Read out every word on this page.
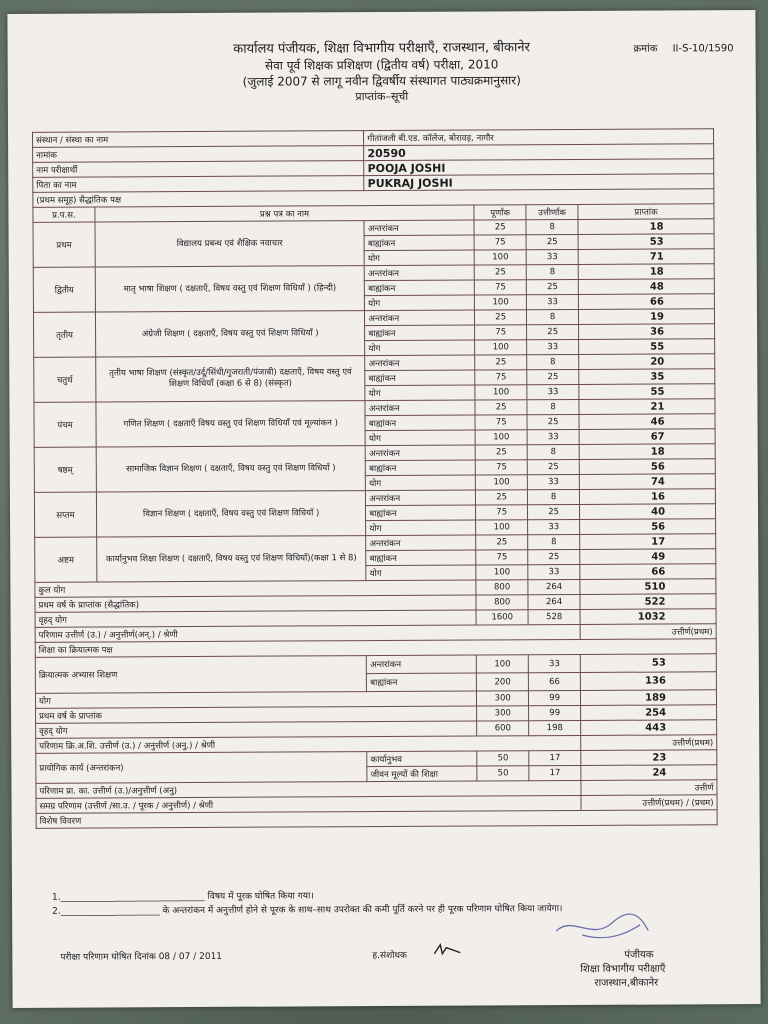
कार्यालय पंजीयक, शिक्षा विभागीय परीक्षाएँ, राजस्थान, बीकानेर
सेवा पूर्व शिक्षक प्रशिक्षण (द्वितीय वर्ष) परीक्षा, 2010
(जुलाई 2007 से लागू नवीन द्विवर्षीय संस्थागत पाठ्यक्रमानुसार)
प्राप्तांक–सूची
क्रमांक II-S-10/1590
संस्थान / संस्था का नाम		गीतांजली बी.एड. कॉलेज, बोरावड़, नागौर			
नामांक		20590			
नाम परीक्षार्थी		POOJA JOSHI			
पिता का नाम		PUKRAJ JOSHI			
(प्रथम समूह) सैद्धांतिक पक्ष					
प्र.प.स.	प्रश्न पत्र का नाम		पूर्णांक	उत्तीर्णांक	प्राप्तांक
प्रथम	विद्यालय प्रबन्ध एवं शैक्षिक नवाचार	अन्तरांकन	25	8	18
		बाह्यांकन	75	25	53
		योग	100	33	71
द्वितीय	मातृ भाषा शिक्षण ( दक्षताएँ, विषय वस्तु एवं शिक्षण विधियाँ ) (हिन्दी)	अन्तरांकन	25	8	18
		बाह्यांकन	75	25	48
		योग	100	33	66
तृतीय	अंग्रेजी शिक्षण ( दक्षताएँ, विषय वस्तु एवं शिक्षण विधियाँ )	अन्तरांकन	25	8	19
		बाह्यांकन	75	25	36
		योग	100	33	55
चतुर्थ	तृतीय भाषा शिक्षण (संस्कृत/उर्दू/सिंधी/गुजराती/पंजाबी) दक्षताएँ, विषय वस्तु एवं शिक्षण विधियाँ (कक्षा 6 से 8) (संस्कृत)	अन्तरांकन	25	8	20
		बाह्यांकन	75	25	35
		योग	100	33	55
पंचम	गणित शिक्षण ( दक्षताएँ विषय वस्तु एवं शिक्षण विधियाँ एवं मूल्यांकन )	अन्तरांकन	25	8	21
		बाह्यांकन	75	25	46
		योग	100	33	67
षष्ठम्	सामाजिक विज्ञान शिक्षण ( दक्षताएँ, विषय वस्तु एवं शिक्षण विधियाँ )	अन्तरांकन	25	8	18
		बाह्यांकन	75	25	56
		योग	100	33	74
सप्तम	विज्ञान शिक्षण ( दक्षताएँ, विषय वस्तु एवं शिक्षण विधियाँ )	अन्तरांकन	25	8	16
		बाह्यांकन	75	25	40
		योग	100	33	56
अष्टम	कार्यानुभव शिक्षा शिक्षण ( दक्षताएँ, विषय वस्तु एवं शिक्षण विधियाँ)(कक्षा 1 से 8)	अन्तरांकन	25	8	17
		बाह्यांकन	75	25	49
		योग	100	33	66
कुल योग			800	264	510
प्रथम वर्ष के प्राप्तांक (सैद्धांतिक)			800	264	522
वृहद् योग			1600	528	1032
परिणाम उत्तीर्ण (उ.) / अनुत्तीर्ण(अन्.) / श्रेणी					उत्तीर्ण(प्रथम)
शिक्षा का क्रियात्मक पक्ष					
क्रियात्मक अभ्यास शिक्षण		अन्तरांकन	100	33	53
		बाह्यांकन	200	66	136
योग			300	99	189
प्रथम वर्ष के प्राप्तांक			300	99	254
वृहद् योग			600	198	443
परिणाम क्रि.अ.शि. उत्तीर्ण (उ.) / अनुत्तीर्ण (अनु.) / श्रेणी					उत्तीर्ण(प्रथम)
प्रायोगिक कार्य (अन्तरांकन)		कार्यानुभव	50	17	23
		जीवन मूल्यों की शिक्षा	50	17	24
परिणाम प्रा. का. उत्तीर्ण (उ.)/अनुत्तीर्ण (अनु)					उत्तीर्ण
समग्र परिणाम (उत्तीर्ण /सा.उ. / पूरक / अनुत्तीर्ण) / श्रेणी					उत्तीर्ण(प्रथम) / (प्रथम)
विशेष विवरण					
1.________________________________ विषय में पूरक घोषित किया गया।
2.______________________ के अन्तरांकन में अनुत्तीर्ण होने से पूरक के साथ–साथ उपरोक्त की कमी पूर्ति करने पर ही पूरक परिणाम घोषित किया जायेगा।
परीक्षा परिणाम घोषित दिनांक 08 / 07 / 2011	ह.संशोधक	पंजीयक
शिक्षा विभागीय परीक्षाएँ
राजस्थान,बीकानेर
